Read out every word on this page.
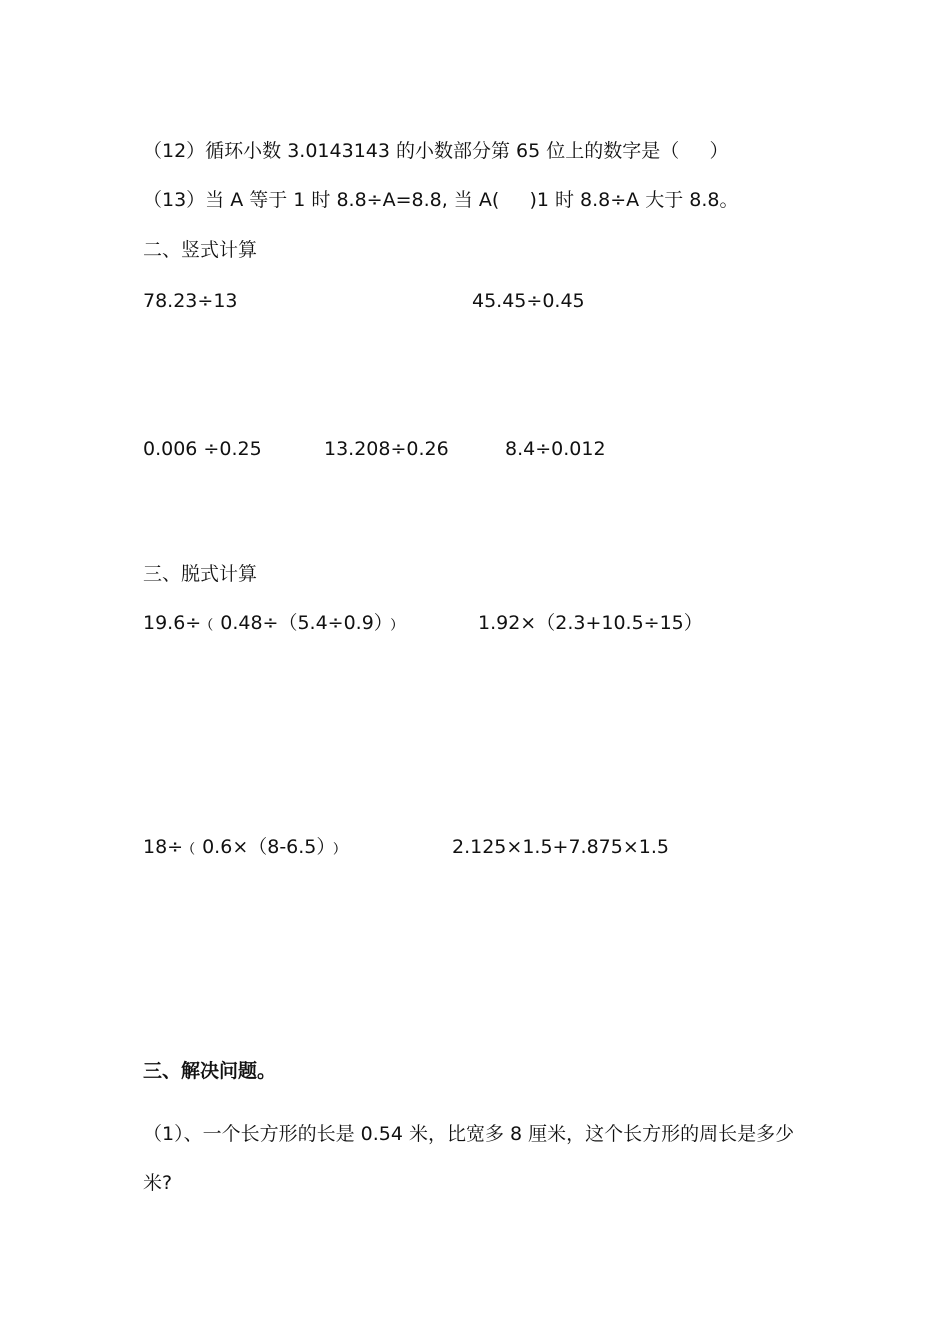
（12）循环小数 3.0143143 的小数部分第 65 位上的数字是（     ）
（13）当 A 等于 1 时 8.8÷A=8.8, 当 A(     )1 时 8.8÷A 大于 8.8。
二、竖式计算
78.23÷13	45.45÷0.45
0.006 ÷0.25	13.208÷0.26	8.4÷0.012
三、脱式计算
19.6÷﹙0.48÷（5.4÷0.9）﹚	1.92×（2.3+10.5÷15）
18÷﹙0.6×（8-6.5）﹚	2.125×1.5+7.875×1.5
三、解决问题。
（1）、一个长方形的长是 0.54 米，比宽多 8 厘米，这个长方形的周长是多少
米?
